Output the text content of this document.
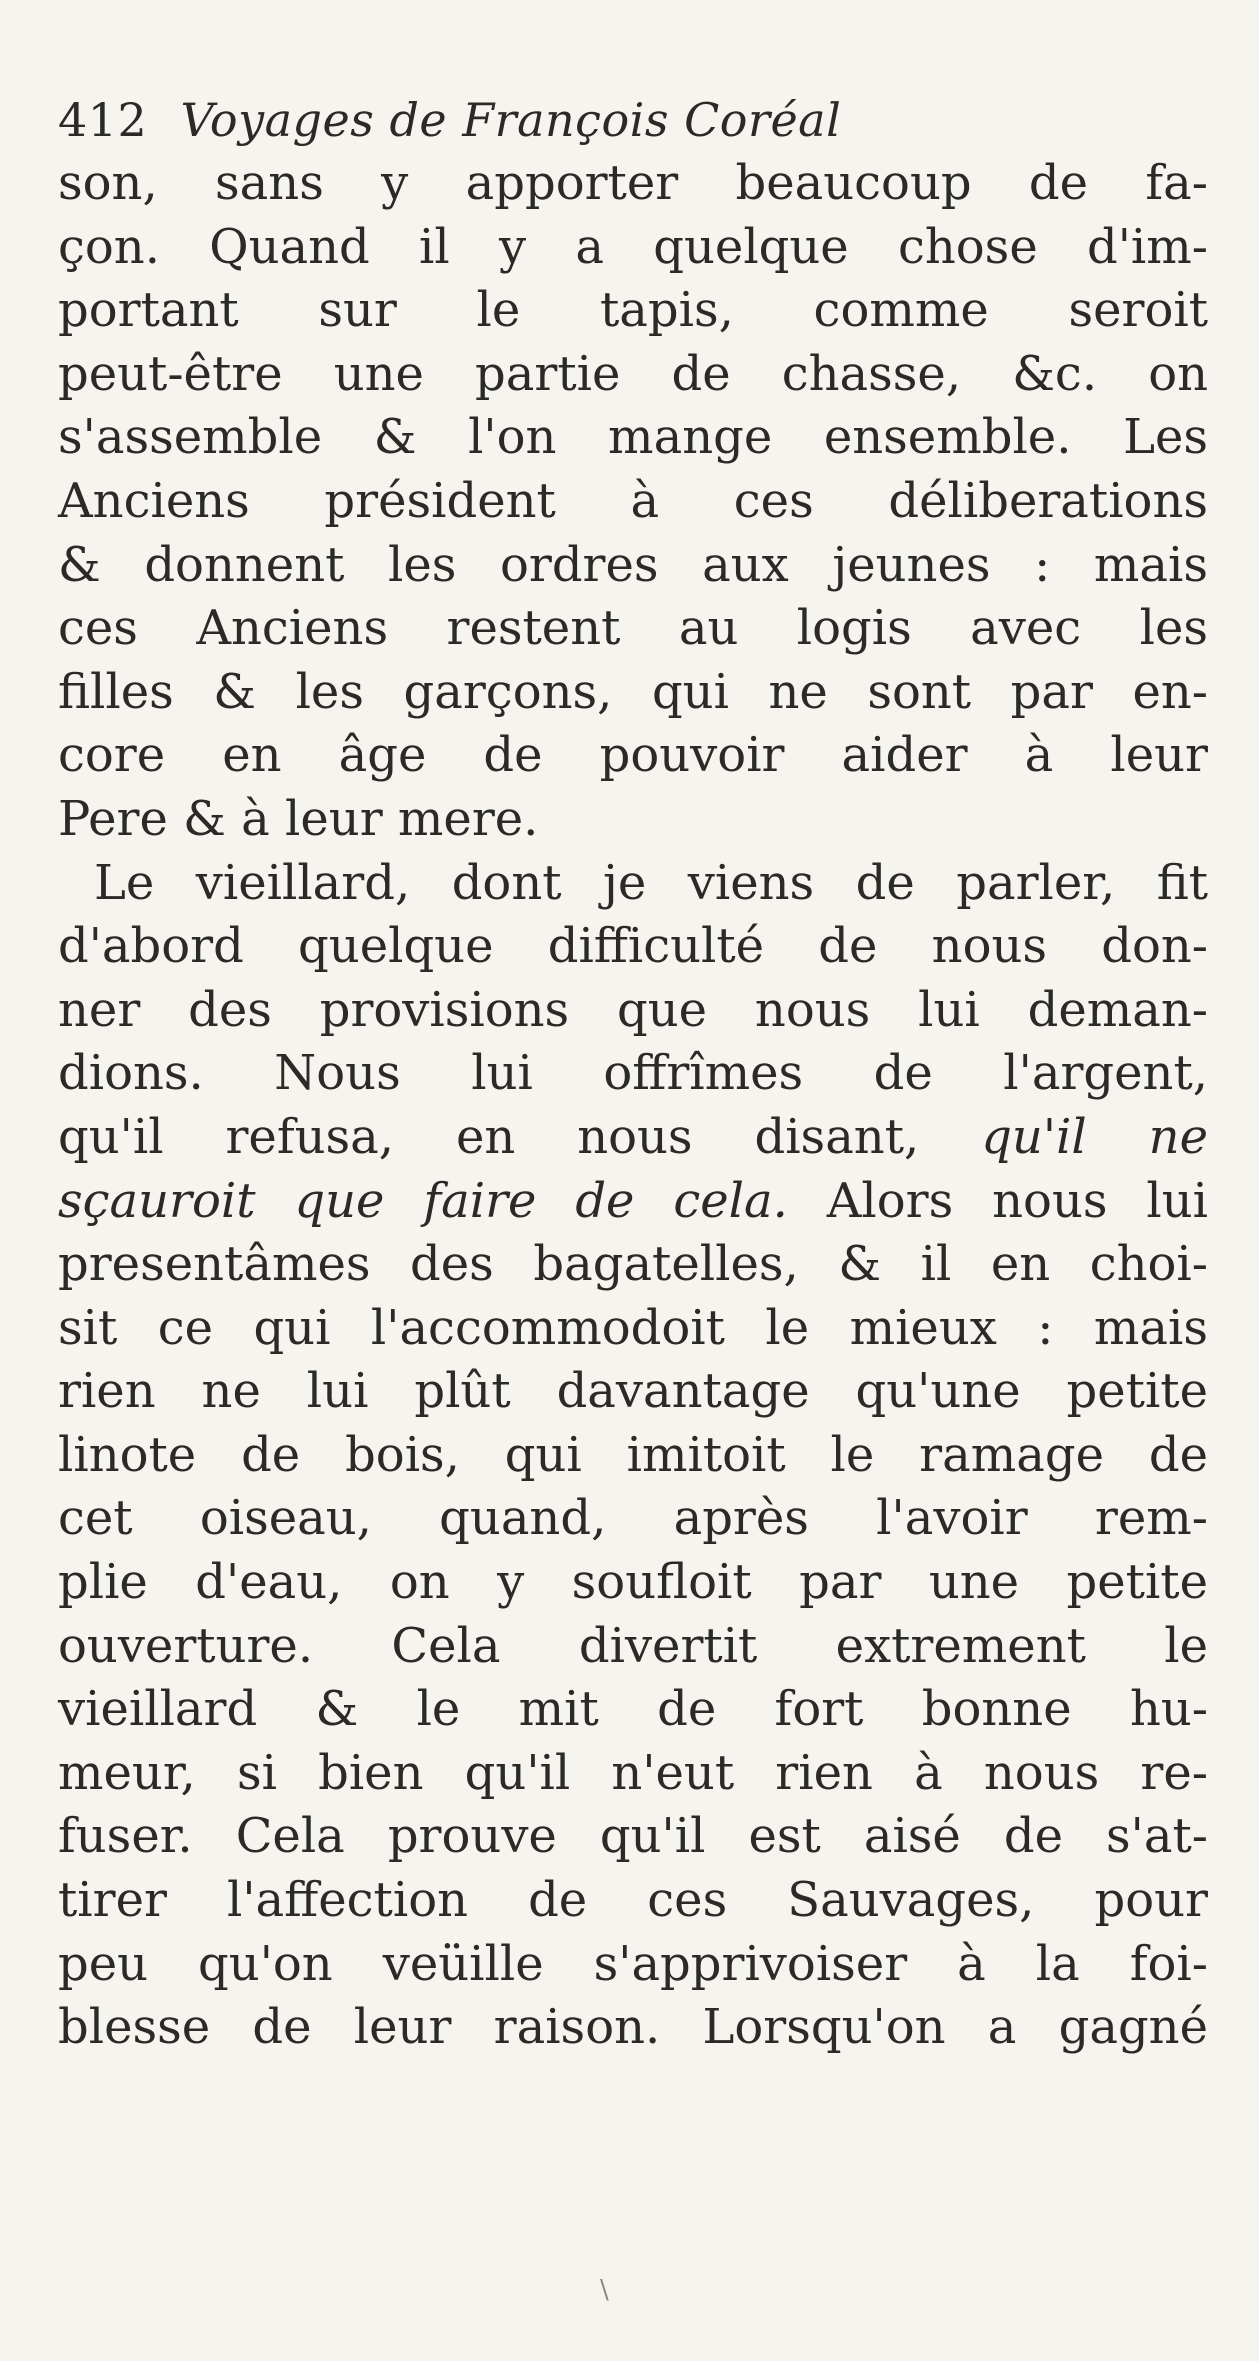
412 Voyages de François Coréal
son, sans y apporter beaucoup de fa-
çon. Quand il y a quelque chose d'im-
portant sur le tapis, comme seroit
peut-être une partie de chasse, &c. on
s'assemble & l'on mange ensemble. Les
Anciens président à ces déliberations
& donnent les ordres aux jeunes : mais
ces Anciens restent au logis avec les
filles & les garçons, qui ne sont par en-
core en âge de pouvoir aider à leur
Pere & à leur mere.
Le vieillard, dont je viens de parler, fit
d'abord quelque difficulté de nous don-
ner des provisions que nous lui deman-
dions. Nous lui offrîmes de l'argent,
qu'il refusa, en nous disant, qu'il ne
sçauroit que faire de cela. Alors nous lui
presentâmes des bagatelles, & il en choi-
sit ce qui l'accommodoit le mieux : mais
rien ne lui plût davantage qu'une petite
linote de bois, qui imitoit le ramage de
cet oiseau, quand, après l'avoir rem-
plie d'eau, on y soufloit par une petite
ouverture. Cela divertit extrement le
vieillard & le mit de fort bonne hu-
meur, si bien qu'il n'eut rien à nous re-
fuser. Cela prouve qu'il est aisé de s'at-
tirer l'affection de ces Sauvages, pour
peu qu'on veüille s'apprivoiser à la foi-
blesse de leur raison. Lorsqu'on a gagné
\
